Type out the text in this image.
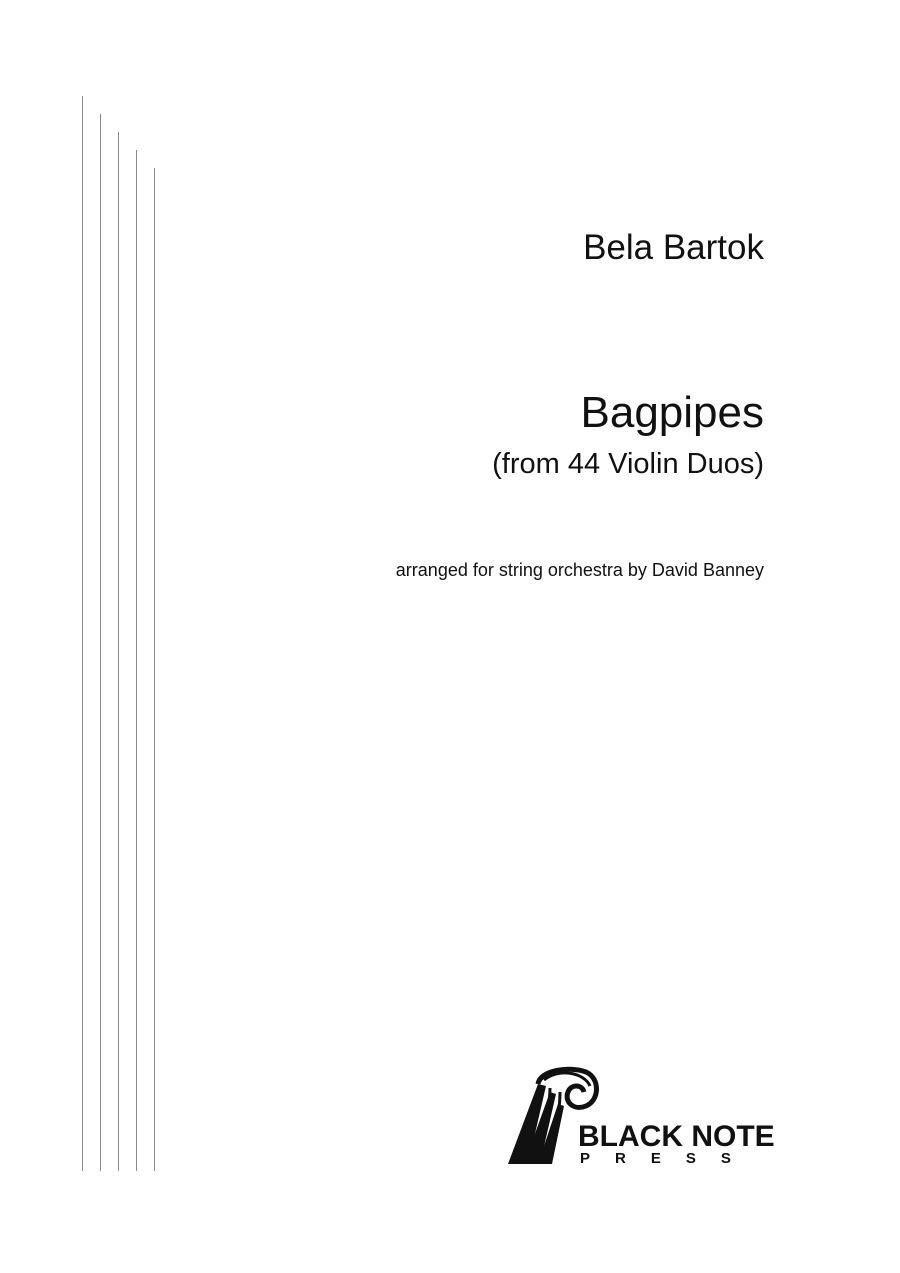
Bela Bartok
Bagpipes
(from 44 Violin Duos)
arranged for string orchestra by David Banney
BLACK NOTE
PRESS
